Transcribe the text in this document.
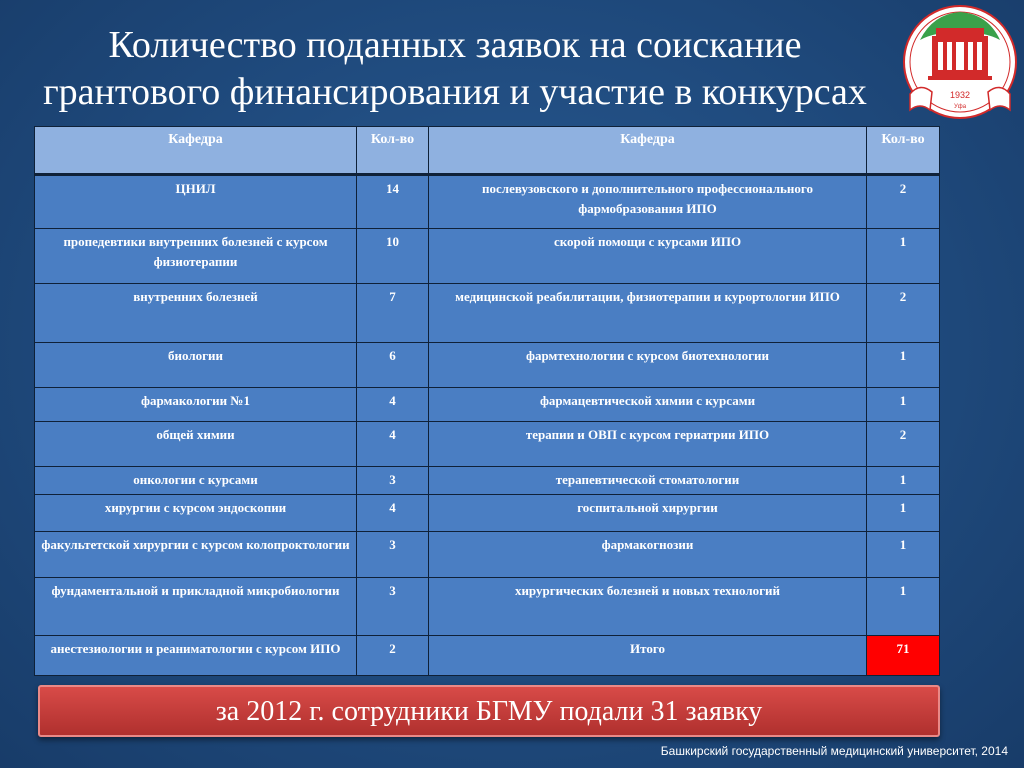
Количество поданных заявок на соискание
грантового финансирования и участие в конкурсах	1932
Уфа
Кафедра	Кол-во	Кафедра	Кол-во
ЦНИЛ	14	послевузовского и дополнительного профессионального фармобразования ИПО	2
пропедевтики внутренних болезней с курсом физиотерапии	10	скорой помощи с курсами ИПО	1
внутренних болезней	7	медицинской реабилитации, физиотерапии и курортологии ИПО	2
биологии	6	фармтехнологии с курсом биотехнологии	1
фармакологии №1	4	фармацевтической химии с курсами	1
общей химии	4	терапии и ОВП с курсом гериатрии ИПО	2
онкологии с курсами	3	терапевтической стоматологии	1
хирургии с курсом эндоскопии	4	госпитальной хирургии	1
факультетской хирургии с курсом колопроктологии	3	фармакогнозии	1
фундаментальной и прикладной микробиологии	3	хирургических болезней и новых технологий	1
анестезиологии и реаниматологии с курсом ИПО	2	Итого	71
за 2012 г. сотрудники БГМУ подали 31 заявку
Башкирский государственный медицинский университет, 2014
